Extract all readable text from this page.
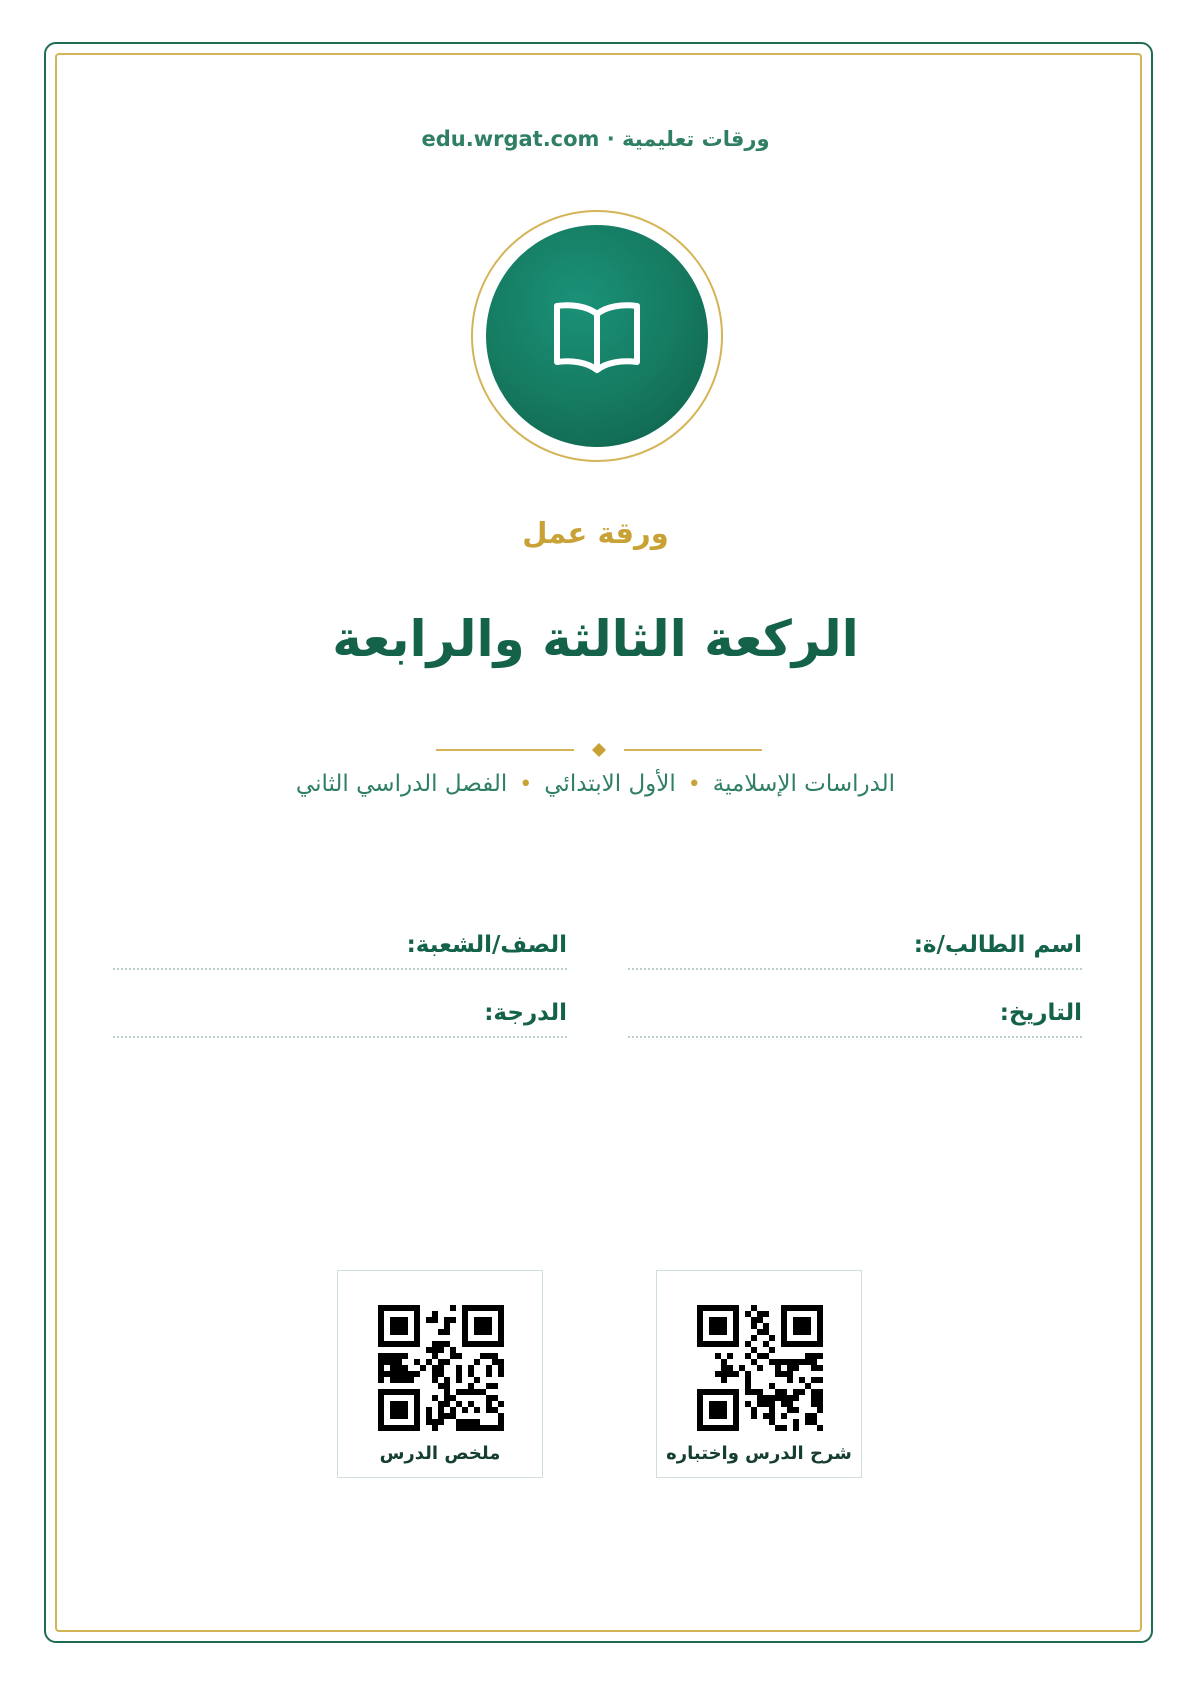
ورقات تعليمية · edu.wrgat.com
ورقة عمل
الركعة الثالثة والرابعة
الدراسات الإسلامية•الأول الابتدائي•الفصل الدراسي الثاني
اسم الطالب/ة:
الصف/الشعبة:
التاريخ:
الدرجة:
شرح الدرس واختباره
ملخص الدرس
